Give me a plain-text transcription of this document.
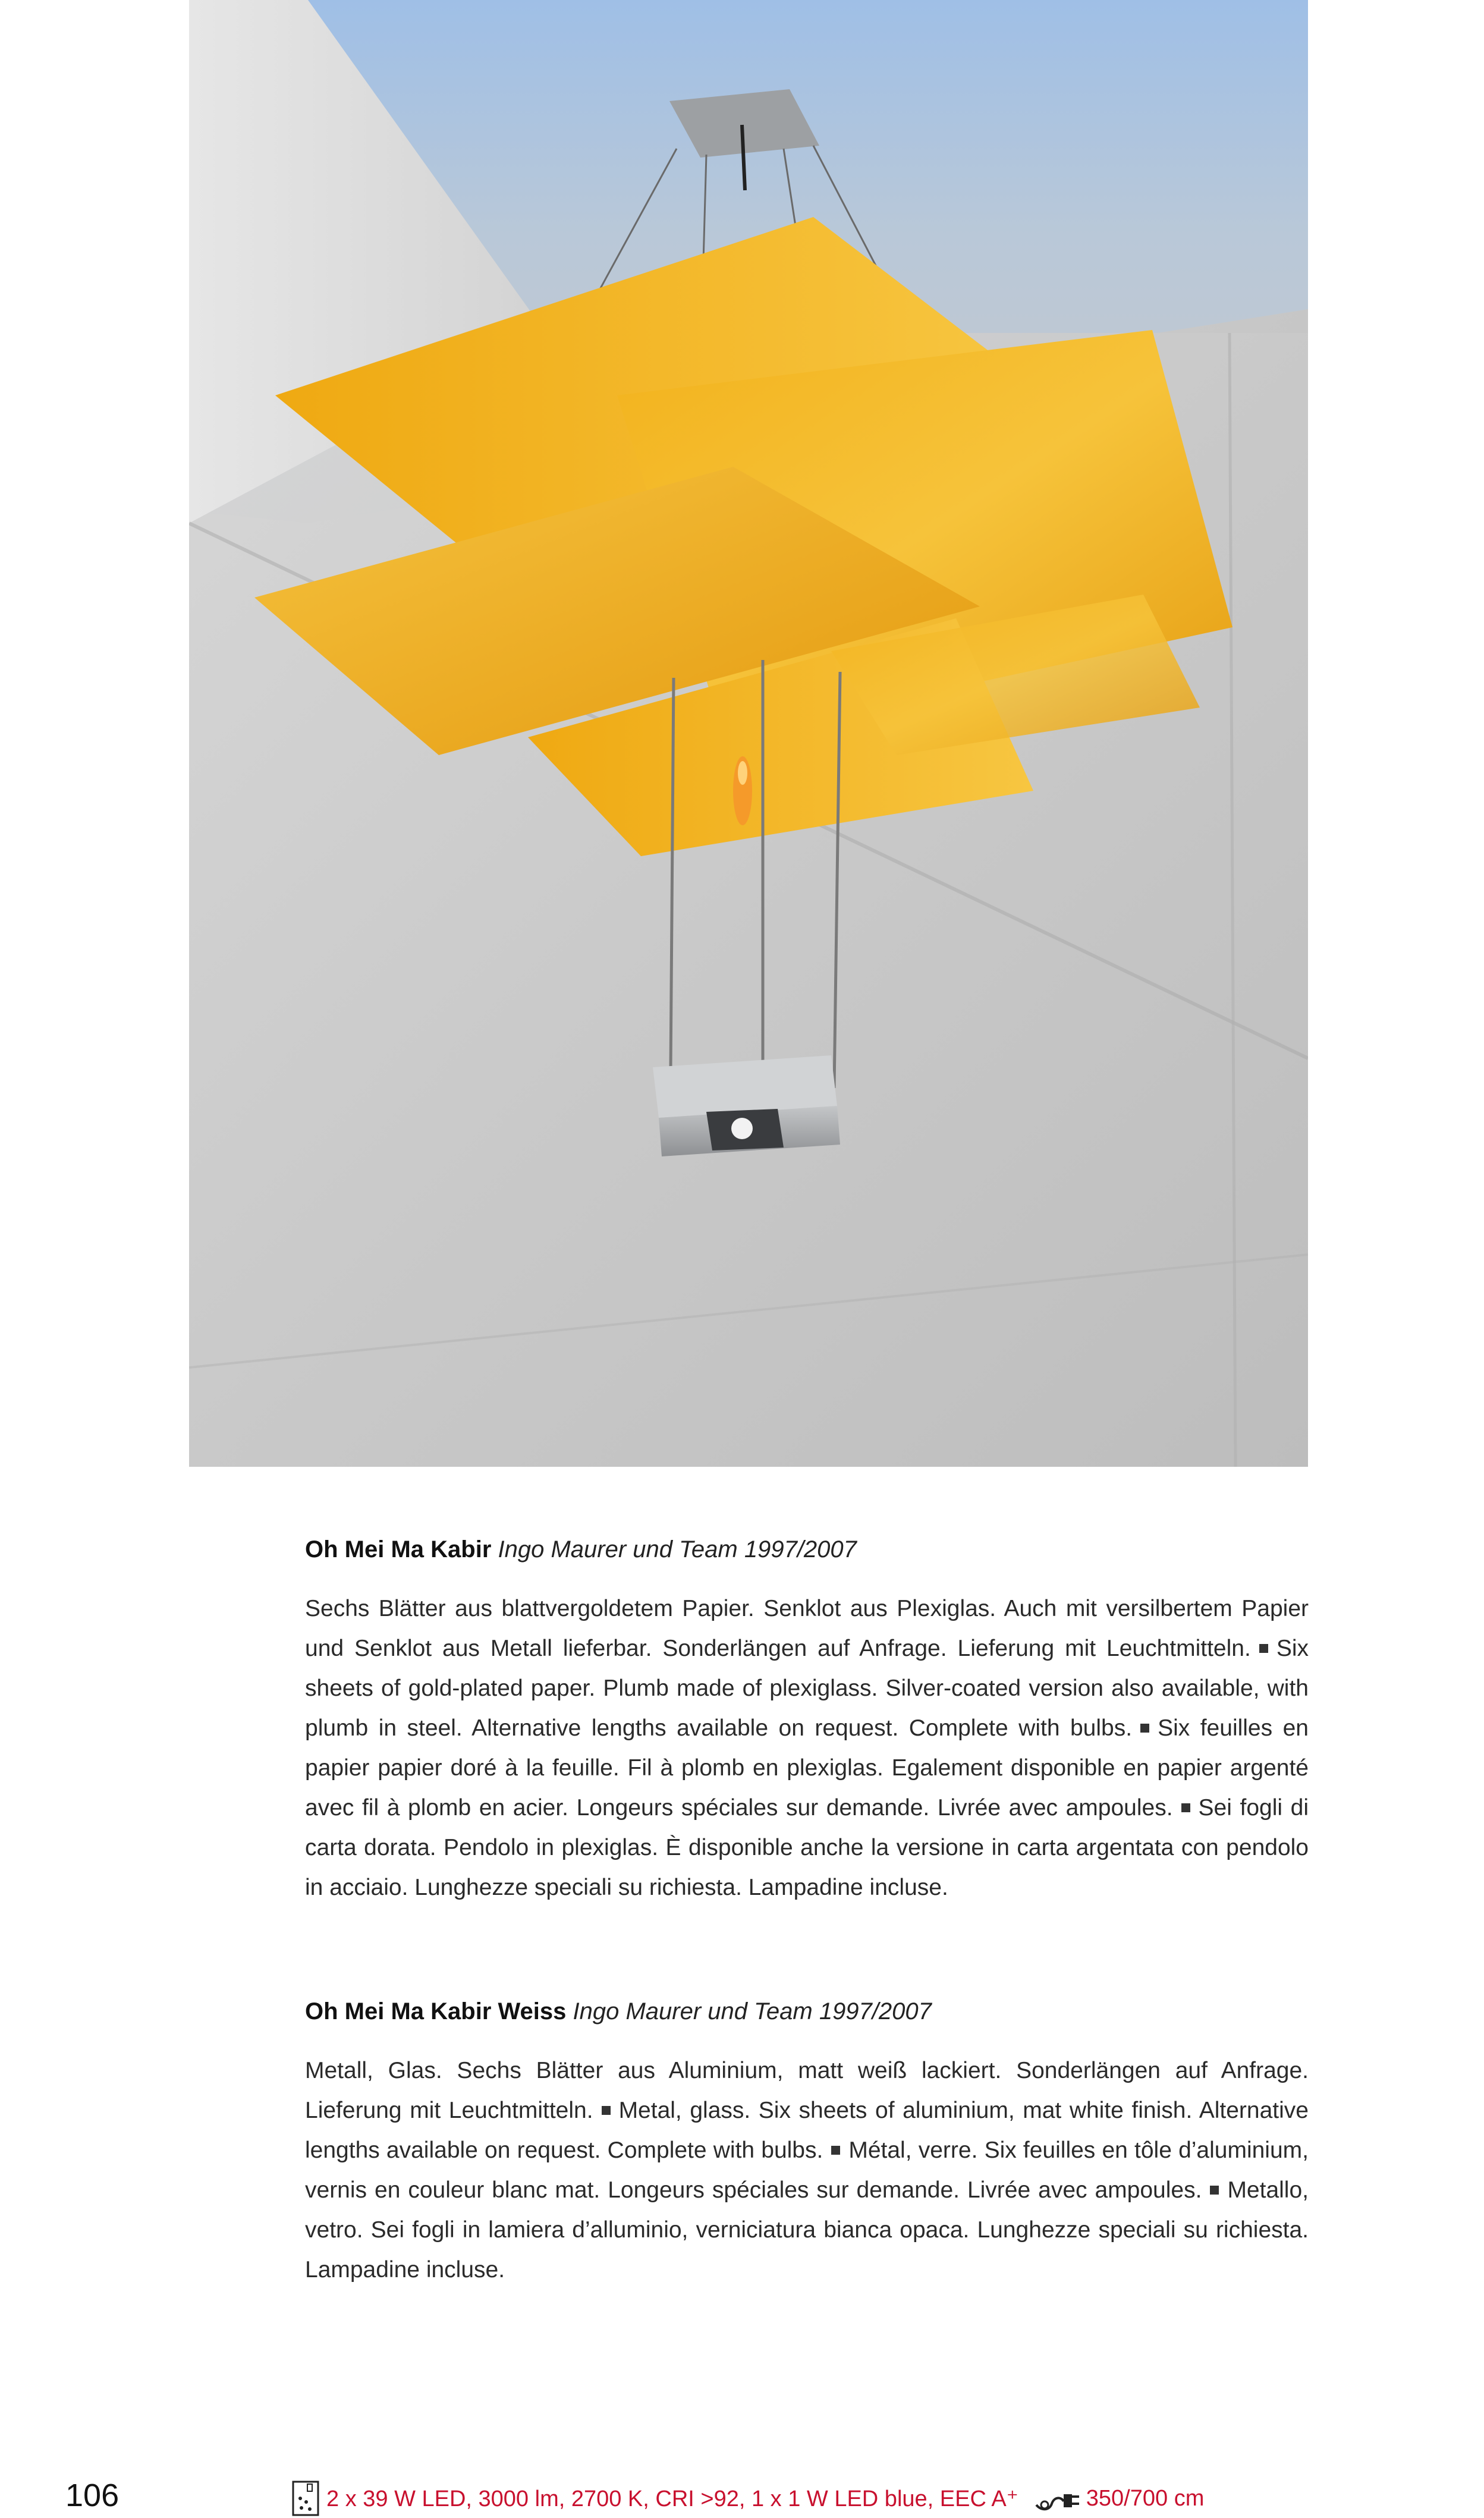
Oh Mei Ma Kabir Ingo Maurer und Team 1997/2007

Sechs Blätter aus blattvergoldetem Papier. Senklot aus Plexiglas. Auch mit versilbertem Papier und Senklot aus Metall lieferbar. Sonderlängen auf Anfrage. Lieferung mit Leuchtmitteln. Six sheets of gold-plated paper. Plumb made of plexiglass. Silver-coated version also available, with plumb in steel. Alternative lengths available on request. Complete with bulbs. Six feuilles en papier papier doré à la feuille. Fil à plomb en plexiglas. Egalement disponible en papier argenté avec fil à plomb en acier. Longeurs spéciales sur demande. Livrée avec ampoules. Sei fogli di carta dorata. Pendolo in plexiglas. È disponible anche la versione in carta argentata con pendolo in acciaio. Lunghezze speciali su richiesta. Lampadine incluse.

Oh Mei Ma Kabir Weiss Ingo Maurer und Team 1997/2007

Metall, Glas. Sechs Blätter aus Aluminium, matt weiß lackiert. Sonderlängen auf Anfrage. Lieferung mit Leuchtmitteln. Metal, glass. Six sheets of aluminium, mat white finish. Alternative lengths available on request. Complete with bulbs. Métal, verre. Six feuilles en tôle d’aluminium, vernis en couleur blanc mat. Longeurs spéciales sur demande. Livrée avec ampoules. Metallo, vetro. Sei fogli in lamiera d’alluminio, verniciatura bianca opaca. Lunghezze speciali su richiesta. Lampadine incluse.

106	2 x 39 W LED, 3000 lm, 2700 K, CRI >92, 1 x 1 W LED blue, EEC A⁺	350/700 cm
